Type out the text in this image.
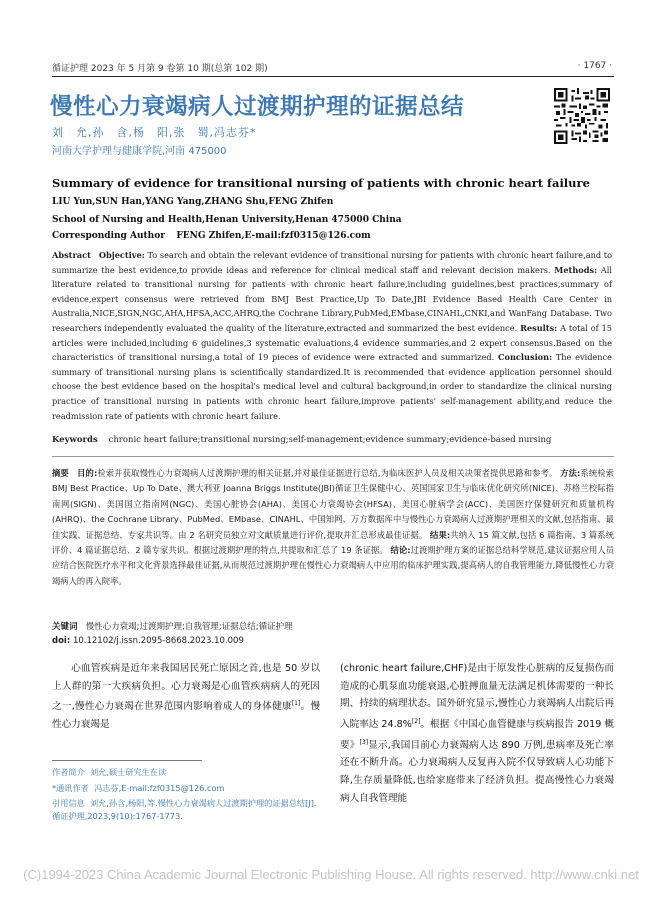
循证护理 2023 年 5 月第 9 卷第 10 期(总第 102 期)	· 1767 ·
慢性心力衰竭病人过渡期护理的证据总结
刘　允,孙　含,杨　阳,张　蜀,冯志芬*
河南大学护理与健康学院,河南 475000
Summary of evidence for transitional nursing of patients with chronic heart failure
LIU Yun,SUN Han,YANG Yang,ZHANG Shu,FENG Zhifen
School of Nursing and Health,Henan University,Henan 475000 China
Corresponding Author FENG Zhifen,E-mail:fzf0315@126.com
Abstract Objective: To search and obtain the relevant evidence of transitional nursing for patients with chronic heart failure,and to summarize the best evidence,to provide ideas and reference for clinical medical staff and relevant decision makers. Methods: All literature related to transitional nursing for patients with chronic heart failure,including guidelines,best practices,summary of evidence,expert consensus were retrieved from BMJ Best Practice,Up To Date,JBI Evidence Based Health Care Center in Australia,NICE,SIGN,NGC,AHA,HFSA,ACC,AHRQ,the Cochrane Library,PubMed,EMbase,CINAHL,CNKI,and WanFang Database. Two researchers independently evaluated the quality of the literature,extracted and summarized the best evidence. Results: A total of 15 articles were included,including 6 guidelines,3 systematic evaluations,4 evidence summaries,and 2 expert consensus.Based on the characteristics of transitional nursing,a total of 19 pieces of evidence were extracted and summarized. Conclusion: The evidence summary of transitional nursing plans is scientifically standardized.It is recommended that evidence application personnel should choose the best evidence based on the hospital's medical level and cultural background,in order to standardize the clinical nursing practice of transitional nursing in patients with chronic heart failure,improve patients' self-management ability,and reduce the readmission rate of patients with chronic heart failure.
Keywords chronic heart failure;transitional nursing;self-management;evidence summary;evidence-based nursing
摘要 目的:检索并获取慢性心力衰竭病人过渡期护理的相关证据,并对最佳证据进行总结,为临床医护人员及相关决策者提供思路和参考。 方法:系统检索 BMJ Best Practice、Up To Date、澳大利亚 Joanna Briggs Institute(JBI)循证卫生保健中心、英国国家卫生与临床优化研究所(NICE)、苏格兰校际指南网(SIGN)、美国国立指南网(NGC)、美国心脏协会(AHA)、美国心力衰竭协会(HFSA)、美国心脏病学会(ACC)、美国医疗保健研究和质量机构(AHRQ)、the Cochrane Library、PubMed、EMbase、CINAHL、中国知网、万方数据库中与慢性心力衰竭病人过渡期护理相关的文献,包括指南、最佳实践、证据总结、专家共识等。由 2 名研究员独立对文献质量进行评价,提取并汇总形成最佳证据。 结果:共纳入 15 篇文献,包括 6 篇指南、3 篇系统评价、4 篇证据总结、2 篇专家共识。根据过渡期护理的特点,共提取和汇总了 19 条证据。 结论:过渡期护理方案的证据总结科学规范,建议证据应用人员应结合医院医疗水平和文化背景选择最佳证据,从而规范过渡期护理在慢性心力衰竭病人中应用的临床护理实践,提高病人的自我管理能力,降低慢性心力衰竭病人的再入院率。
关键词 慢性心力衰竭;过渡期护理;自我管理;证据总结;循证护理
doi: 10.12102/j.issn.2095-8668.2023.10.009
心血管疾病是近年来我国居民死亡原因之首,也是 50 岁以上人群的第一大疾病负担。心力衰竭是心血管疾病病人的死因之一,慢性心力衰竭在世界范围内影响着成人的身体健康[1]。慢性心力衰竭是
作者简介 刘允,硕士研究生在读
*通讯作者 冯志芬,E-mail:fzf0315@126.com
引用信息 刘允,孙含,杨阳,等.慢性心力衰竭病人过渡期护理的证据总结[J].循证护理,2023,9(10):1767-1773.
(chronic heart failure,CHF)是由于原发性心脏病的反复损伤而造成的心肌泵血功能衰退,心脏搏血量无法满足机体需要的一种长期、持续的病理状态。国外研究显示,慢性心力衰竭病人出院后再入院率达 24.8%[2]。根据《中国心血管健康与疾病报告 2019 概要》[3]显示,我国目前心力衰竭病人达 890 万例,患病率及死亡率还在不断升高。心力衰竭病人反复再入院不仅导致病人心功能下降,生存质量降低,也给家庭带来了经济负担。提高慢性心力衰竭病人自我管理能
(C)1994-2023 China Academic Journal Electronic Publishing House. All rights reserved. http://www.cnki.net
